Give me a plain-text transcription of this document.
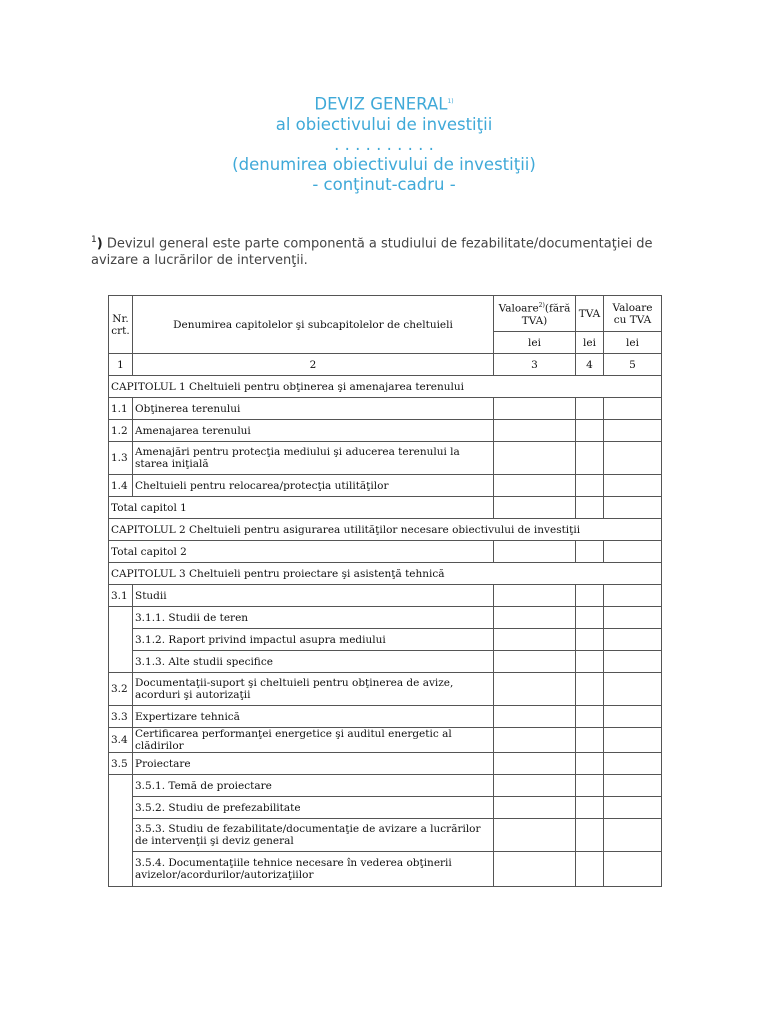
DEVIZ GENERAL$^{1)}$
al obiectivului de investiţii
. . . . . . . . . .
(denumirea obiectivului de investiţii)
- conţinut-cadru -
$^1$) Devizul general este parte componentă a studiului de fezabilitate/documentaţiei de avizare a lucrărilor de intervenţii.
Nr. crt.	Denumirea capitolelor şi subcapitolelor de cheltuieli	Valoare$^{2)}$(fără TVA)	TVA	Valoare cu TVA
		lei	lei	lei
1	2	3	4	5
CAPITOLUL 1 Cheltuieli pentru obţinerea şi amenajarea terenului				
1.1	Obţinerea terenului			
1.2	Amenajarea terenului			
1.3	Amenajări pentru protecţia mediului şi aducerea terenului la starea iniţială			
1.4	Cheltuieli pentru relocarea/protecţia utilităţilor			
Total capitol 1				
CAPITOLUL 2 Cheltuieli pentru asigurarea utilităţilor necesare obiectivului de investiţii				
Total capitol 2				
CAPITOLUL 3 Cheltuieli pentru proiectare şi asistenţă tehnică				
3.1	Studii			
	3.1.1. Studii de teren			
	3.1.2. Raport privind impactul asupra mediului			
	3.1.3. Alte studii specifice			
3.2	Documentaţii-suport şi cheltuieli pentru obţinerea de avize, acorduri şi autorizaţii			
3.3	Expertizare tehnică			
3.4	Certificarea performanţei energetice şi auditul energetic al clădirilor			
3.5	Proiectare			
	3.5.1. Temă de proiectare			
	3.5.2. Studiu de prefezabilitate			
	3.5.3. Studiu de fezabilitate/documentaţie de avizare a lucrărilor de intervenţii şi deviz general			
	3.5.4. Documentaţiile tehnice necesare în vederea obţinerii avizelor/acordurilor/autorizaţiilor			
